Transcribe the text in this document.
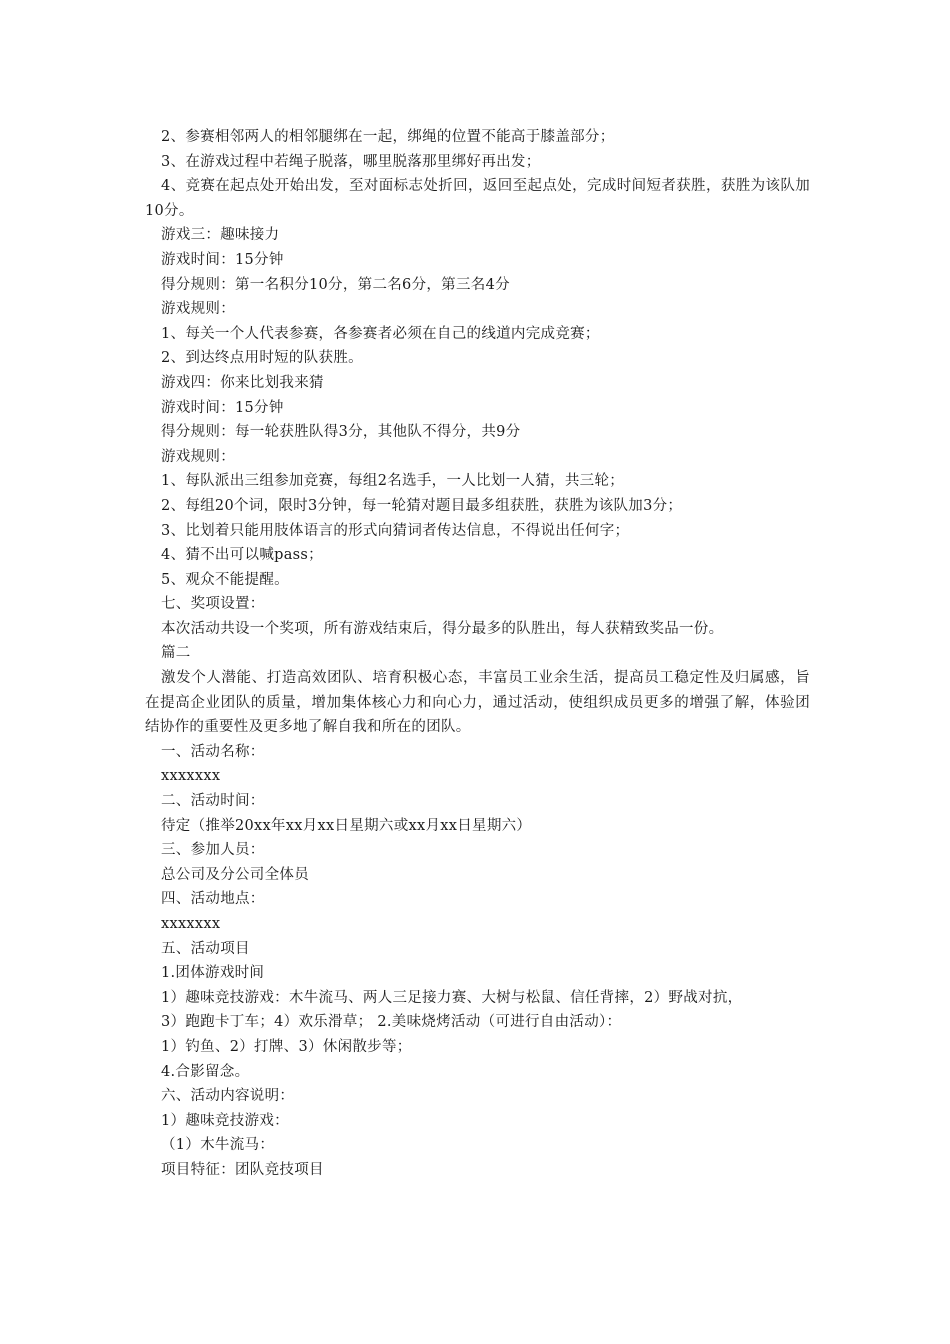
2、参赛相邻两人的相邻腿绑在一起，绑绳的位置不能高于膝盖部分；

3、在游戏过程中若绳子脱落，哪里脱落那里绑好再出发；

4、竞赛在起点处开始出发，至对面标志处折回，返回至起点处，完成时间短者获胜，获胜为该队加10分。

游戏三：趣味接力

游戏时间：15分钟

得分规则：第一名积分10分，第二名6分，第三名4分

游戏规则：

1、每关一个人代表参赛，各参赛者必须在自己的线道内完成竞赛；

2、到达终点用时短的队获胜。

游戏四：你来比划我来猜

游戏时间：15分钟

得分规则：每一轮获胜队得3分，其他队不得分，共9分

游戏规则：

1、每队派出三组参加竞赛，每组2名选手，一人比划一人猜，共三轮；

2、每组20个词，限时3分钟，每一轮猜对题目最多组获胜，获胜为该队加3分；

3、比划着只能用肢体语言的形式向猜词者传达信息，不得说出任何字；

4、猜不出可以喊pass；

5、观众不能提醒。

七、奖项设置：

本次活动共设一个奖项，所有游戏结束后，得分最多的队胜出，每人获精致奖品一份。

篇二

激发个人潜能、打造高效团队、培育积极心态，丰富员工业余生活，提高员工稳定性及归属感，旨在提高企业团队的质量，增加集体核心力和向心力，通过活动，使组织成员更多的增强了解，体验团结协作的重要性及更多地了解自我和所在的团队。

一、活动名称：

xxxxxxx

二、活动时间：

待定（推举20xx年xx月xx日星期六或xx月xx日星期六）

三、参加人员：

总公司及分公司全体员

四、活动地点：

xxxxxxx

五、活动项目

1.团体游戏时间

1）趣味竞技游戏：木牛流马、两人三足接力赛、大树与松鼠、信任背摔，2）野战对抗，

3）跑跑卡丁车；4）欢乐滑草； 2.美味烧烤活动（可进行自由活动）：

1）钓鱼、2）打牌、3）休闲散步等；

4.合影留念。

六、活动内容说明：

1）趣味竞技游戏：

（1）木牛流马：

项目特征：团队竞技项目
